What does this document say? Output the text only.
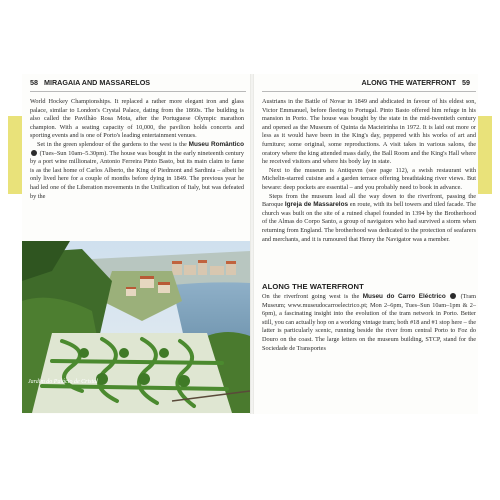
58 MIRAGAIA AND MASSARELOS	ALONG THE WATERFRONT 59

World Hockey Championships. It replaced a rather more elegant iron and glass palace, similar to London's Crystal Palace, dating from the 1860s. The building is also called the Pavilhão Rosa Mota, after the Portuguese Olympic marathon champion. With a seating capacity of 10,000, the pavilion holds concerts and sporting events and is one of Porto's leading entertainment venues.

Set in the green splendour of the gardens to the west is the Museu Romântico  (Tues–Sun 10am–5.30pm). The house was bought in the early nineteenth century by a port wine millionaire, Antonio Ferreira Pinto Basto, but its main claim to fame is as the last home of Carlos Alberto, the King of Piedmont and Sardinia – albeit he only lived here for a couple of months before dying in 1849. The previous year he had led one of the Liberation movements in the Unification of Italy, but was defeated by the

Jardim do Palácio de Cristal

Austrians in the Battle of Novar in 1849 and abdicated in favour of his eldest son, Victor Emmanuel, before fleeing to Portugal. Pinto Basto offered him refuge in his mansion in Porto. The house was bought by the state in the mid-twentieth century and opened as the Museum of Quinta da Macieirinha in 1972. It is laid out more or less as it would have been in the King's day, peppered with his works of art and furniture; some original, some reproductions. A visit takes in various salons, the oratory where the king attended mass daily, the Ball Room and the King's Hall where he received visitors and where his body lay in state.

Next to the museum is Antiquvm (see page 112), a swish restaurant with Michelin-starred cuisine and a garden terrace offering breathtaking river views. But beware: deep pockets are essential – and you probably need to book in advance.

Steps from the museum lead all the way down to the riverfront, passing the Baroque Igreja de Massarelos en route, with its bell towers and tiled facade. The church was built on the site of a ruined chapel founded in 1394 by the Brotherhood of the Almas do Corpo Santo, a group of navigators who had survived a storm when returning from England. The brotherhood was dedicated to the protection of seafarers and merchants, and it is rumoured that Henry the Navigator was a member.

ALONG THE WATERFRONT

On the riverfront going west is the Museu do Carro Eléctrico  (Tram Museum; www.museudocarroelectrico.pt; Mon 2–6pm, Tues–Sun 10am–1pm & 2–6pm), a fascinating insight into the evolution of the tram network in Porto. Better still, you can actually hop on a working vintage tram; both #18 and #1 stop here – the latter is particularly scenic, running beside the river from central Porto to Foz do Douro on the coast. The large letters on the museum building, STCP, stand for the Sociedade de Transportes
